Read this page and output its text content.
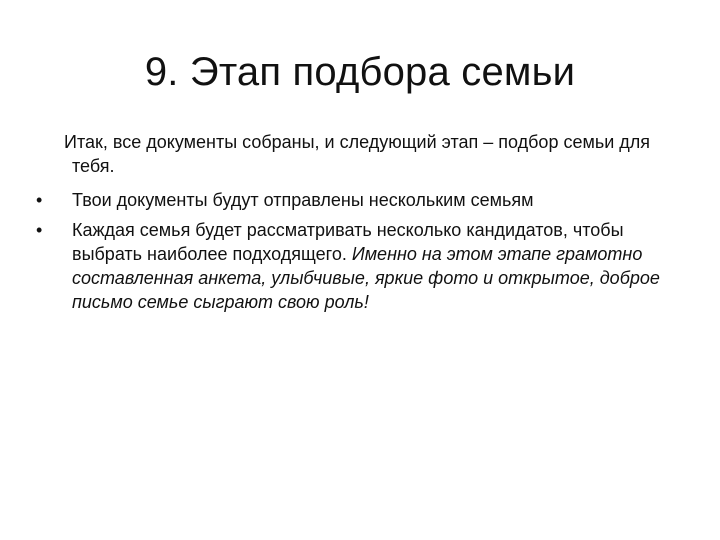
9. Этап подбора семьи

Итак, все документы собраны, и следующий этап – подбор семьи для тебя.

•	Твои документы будут отправлены нескольким семьям
•	Каждая семья будет рассматривать несколько кандидатов, чтобы выбрать наиболее подходящего. Именно на этом этапе грамотно составленная анкета, улыбчивые, яркие фото и открытое, доброе письмо семье сыграют свою роль!
